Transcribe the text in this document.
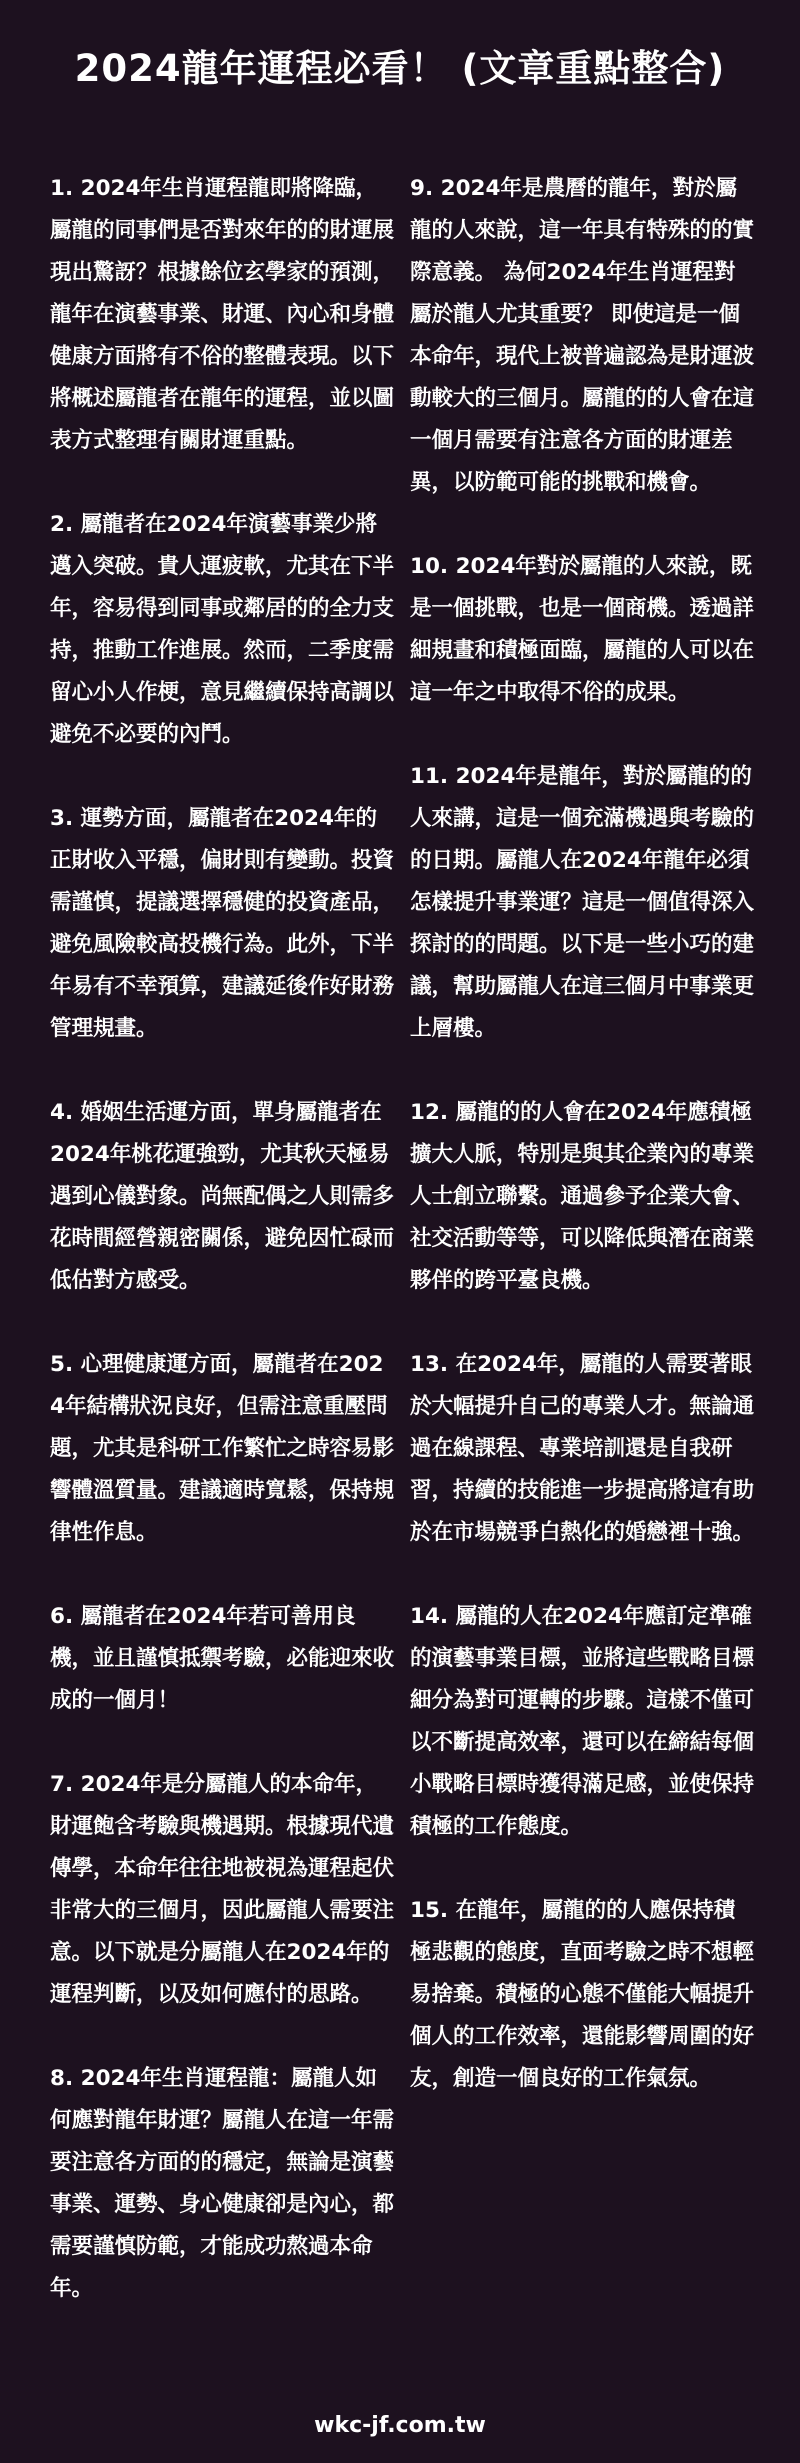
2024龍年運程必看！ (文章重點整合)

1. 2024年生肖運程龍即將降臨，屬龍的同事們是否對來年的的財運展現出驚訝？根據餘位玄學家的預測，龍年在演藝事業、財運、內心和身體健康方面將有不俗的整體表現。以下將概述屬龍者在龍年的運程，並以圖表方式整理有關財運重點。

2. 屬龍者在2024年演藝事業少將邁入突破。貴人運疲軟，尤其在下半年，容易得到同事或鄰居的的全力支持，推動工作進展。然而，二季度需留心小人作梗，意見繼續保持高調以避免不必要的內鬥。

3. 運勢方面，屬龍者在2024年的正財收入平穩，偏財則有變動。投資需謹慎，提議選擇穩健的投資產品，避免風險較高投機行為。此外，下半年易有不幸預算，建議延後作好財務管理規畫。

4. 婚姻生活運方面，單身屬龍者在2024年桃花運強勁，尤其秋天極易遇到心儀對象。尚無配偶之人則需多花時間經營親密關係，避免因忙碌而低估對方感受。

5. 心理健康運方面，屬龍者在2024年結構狀況良好，但需注意重壓問題，尤其是科研工作繁忙之時容易影響體溫質量。建議適時寬鬆，保持規律性作息。

6. 屬龍者在2024年若可善用良機，並且謹慎抵禦考驗，必能迎來收成的一個月！

7. 2024年是分屬龍人的本命年，財運飽含考驗與機遇期。根據現代遺傳學，本命年往往地被視為運程起伏非常大的三個月，因此屬龍人需要注意。以下就是分屬龍人在2024年的運程判斷，以及如何應付的思路。

8. 2024年生肖運程龍：屬龍人如何應對龍年財運？屬龍人在這一年需要注意各方面的的穩定，無論是演藝事業、運勢、身心健康卻是內心，都需要謹慎防範，才能成功熬過本命年。

9. 2024年是農曆的龍年，對於屬龍的人來說，這一年具有特殊的的實際意義。 為何2024年生肖運程對屬於龍人尤其重要？ 即使這是一個本命年，現代上被普遍認為是財運波動較大的三個月。屬龍的的人會在這一個月需要有注意各方面的財運差異，以防範可能的挑戰和機會。

10. 2024年對於屬龍的人來說，既是一個挑戰，也是一個商機。透過詳細規畫和積極面臨，屬龍的人可以在這一年之中取得不俗的成果。

11. 2024年是龍年，對於屬龍的的人來講，這是一個充滿機遇與考驗的的日期。屬龍人在2024年龍年必須怎樣提升事業運？這是一個值得深入探討的的問題。以下是一些小巧的建議，幫助屬龍人在這三個月中事業更上層樓。

12. 屬龍的的人會在2024年應積極擴大人脈，特別是與其企業內的專業人士創立聯繫。通過參予企業大會、社交活動等等，可以降低與潛在商業夥伴的跨平臺良機。

13. 在2024年，屬龍的人需要著眼於大幅提升自己的專業人才。無論通過在線課程、專業培訓還是自我研習，持續的技能進一步提高將這有助於在市場競爭白熱化的婚戀裡十強。

14. 屬龍的人在2024年應訂定準確的演藝事業目標，並將這些戰略目標細分為對可運轉的步驟。這樣不僅可以不斷提高效率，還可以在締結每個小戰略目標時獲得滿足感，並使保持積極的工作態度。

15. 在龍年，屬龍的的人應保持積極悲觀的態度，直面考驗之時不想輕易捨棄。積極的心態不僅能大幅提升個人的工作效率，還能影響周圍的好友，創造一個良好的工作氣氛。

wkc-jf.com.tw
